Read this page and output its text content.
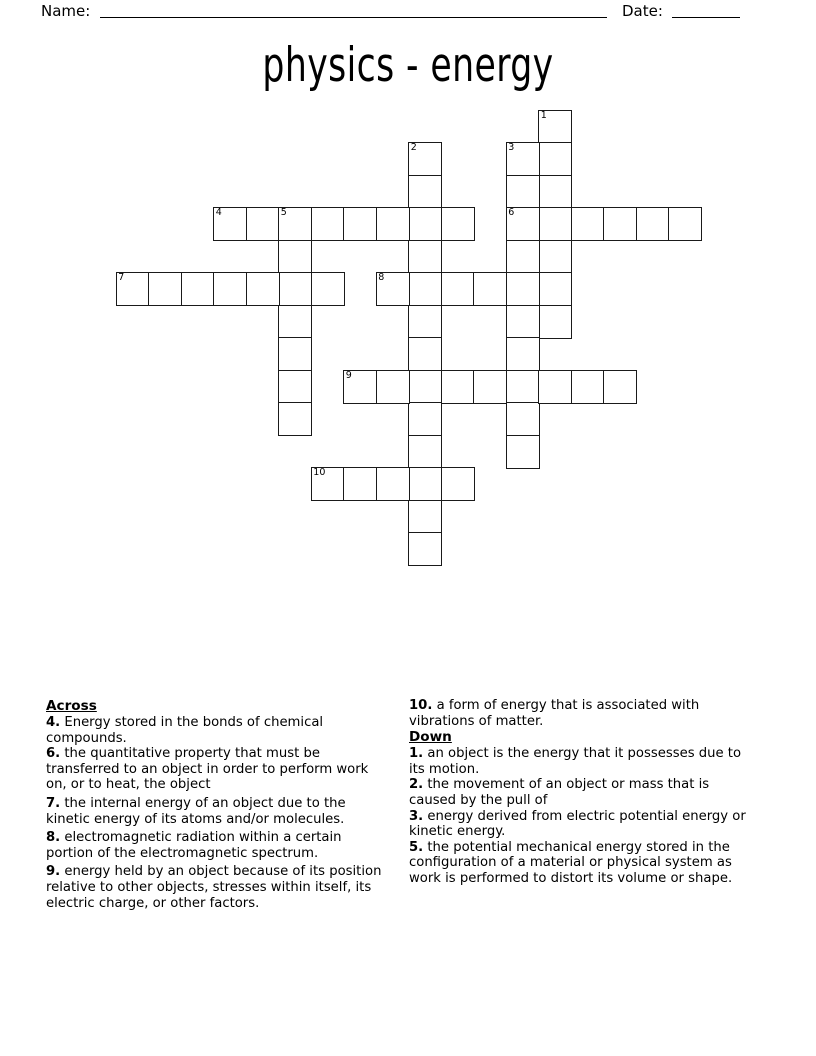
Name:	Date:
physics - energy
1
2	3
6
4	5
7	8
9
10
Across
4. Energy stored in the bonds of chemical compounds.
6. the quantitative property that must be transferred to an object in order to perform work on, or to heat, the object
7. the internal energy of an object due to the kinetic energy of its atoms and/or molecules.
8. electromagnetic radiation within a certain portion of the electromagnetic spectrum.
9. energy held by an object because of its position relative to other objects, stresses within itself, its electric charge, or other factors.
10. a form of energy that is associated with vibrations of matter.
Down
1. an object is the energy that it possesses due to its motion.
2. the movement of an object or mass that is caused by the pull of
3. energy derived from electric potential energy or kinetic energy.
5. the potential mechanical energy stored in the configuration of a material or physical system as work is performed to distort its volume or shape.
